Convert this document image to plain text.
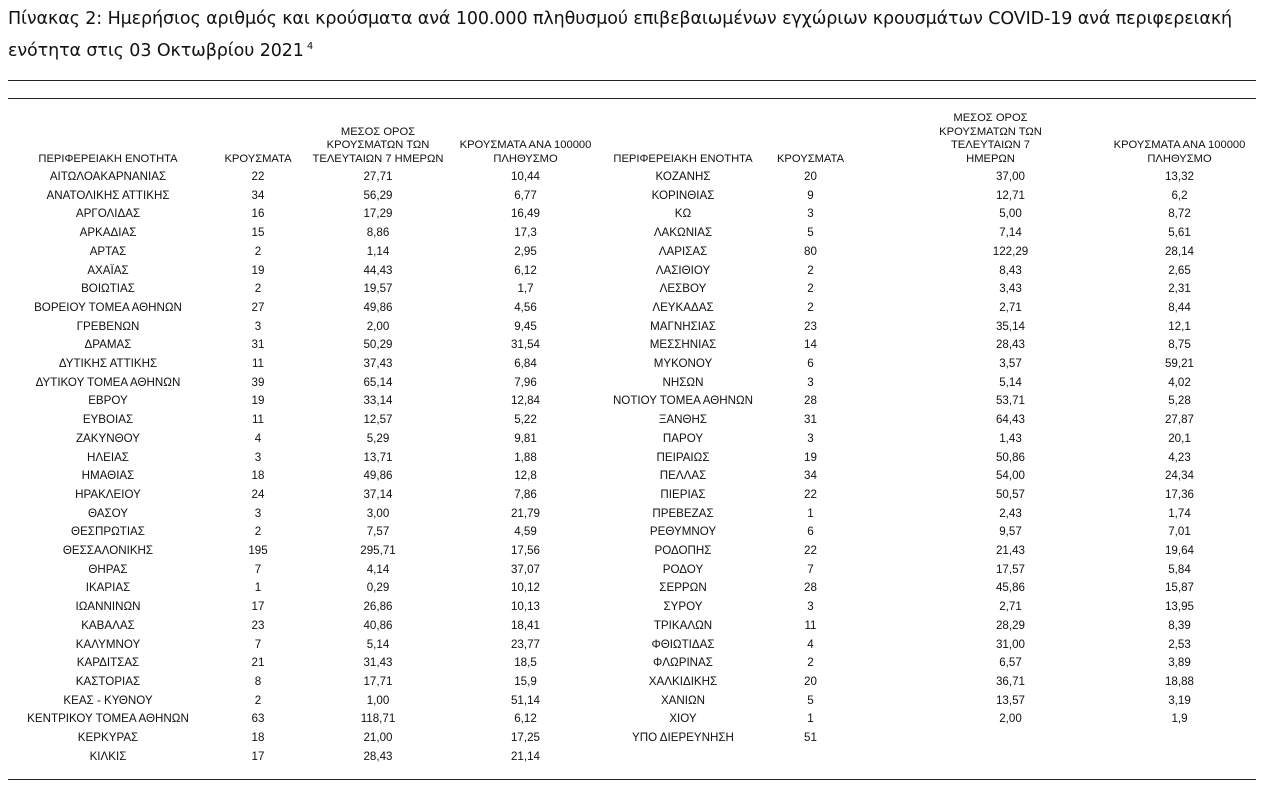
Πίνακας 2: Ημερήσιος αριθμός και κρούσματα ανά 100.000 πληθυσμού επιβεβαιωμένων εγχώριων κρουσμάτων COVID-19 ανά περιφερειακή ενότητα στις 03 Οκτωβρίου 2021 $^4$
ΠΕΡΙΦΕΡΕΙΑΚΗ ΕΝΟΤΗΤΑ	ΚΡΟΥΣΜΑΤΑ	ΜΕΣΟΣ ΟΡΟΣ ΚΡΟΥΣΜΑΤΩΝ ΤΩΝ ΤΕΛΕΥΤΑΙΩΝ 7 ΗΜΕΡΩΝ	ΚΡΟΥΣΜΑΤΑ ΑΝΑ 100000 ΠΛΗΘΥΣΜΟ	ΠΕΡΙΦΕΡΕΙΑΚΗ ΕΝΟΤΗΤΑ	ΚΡΟΥΣΜΑΤΑ	ΜΕΣΟΣ ΟΡΟΣ ΚΡΟΥΣΜΑΤΩΝ ΤΩΝ ΤΕΛΕΥΤΑΙΩΝ 7 ΗΜΕΡΩΝ	ΚΡΟΥΣΜΑΤΑ ΑΝΑ 100000 ΠΛΗΘΥΣΜΟ
ΑΙΤΩΛΟΑΚΑΡΝΑΝΙΑΣ	22	27,71	10,44	ΚΟΖΑΝΗΣ	20	37,00	13,32
ΑΝΑΤΟΛΙΚΗΣ ΑΤΤΙΚΗΣ	34	56,29	6,77	ΚΟΡΙΝΘΙΑΣ	9	12,71	6,2
ΑΡΓΟΛΙΔΑΣ	16	17,29	16,49	ΚΩ	3	5,00	8,72
ΑΡΚΑΔΙΑΣ	15	8,86	17,3	ΛΑΚΩΝΙΑΣ	5	7,14	5,61
ΑΡΤΑΣ	2	1,14	2,95	ΛΑΡΙΣΑΣ	80	122,29	28,14
ΑΧΑΪΑΣ	19	44,43	6,12	ΛΑΣΙΘΙΟΥ	2	8,43	2,65
ΒΟΙΩΤΙΑΣ	2	19,57	1,7	ΛΕΣΒΟΥ	2	3,43	2,31
ΒΟΡΕΙΟΥ ΤΟΜΕΑ ΑΘΗΝΩΝ	27	49,86	4,56	ΛΕΥΚΑΔΑΣ	2	2,71	8,44
ΓΡΕΒΕΝΩΝ	3	2,00	9,45	ΜΑΓΝΗΣΙΑΣ	23	35,14	12,1
ΔΡΑΜΑΣ	31	50,29	31,54	ΜΕΣΣΗΝΙΑΣ	14	28,43	8,75
ΔΥΤΙΚΗΣ ΑΤΤΙΚΗΣ	11	37,43	6,84	ΜΥΚΟΝΟΥ	6	3,57	59,21
ΔΥΤΙΚΟΥ ΤΟΜΕΑ ΑΘΗΝΩΝ	39	65,14	7,96	ΝΗΣΩΝ	3	5,14	4,02
ΕΒΡΟΥ	19	33,14	12,84	ΝΟΤΙΟΥ ΤΟΜΕΑ ΑΘΗΝΩΝ	28	53,71	5,28
ΕΥΒΟΙΑΣ	11	12,57	5,22	ΞΑΝΘΗΣ	31	64,43	27,87
ΖΑΚΥΝΘΟΥ	4	5,29	9,81	ΠΑΡΟΥ	3	1,43	20,1
ΗΛΕΙΑΣ	3	13,71	1,88	ΠΕΙΡΑΙΩΣ	19	50,86	4,23
ΗΜΑΘΙΑΣ	18	49,86	12,8	ΠΕΛΛΑΣ	34	54,00	24,34
ΗΡΑΚΛΕΙΟΥ	24	37,14	7,86	ΠΙΕΡΙΑΣ	22	50,57	17,36
ΘΑΣΟΥ	3	3,00	21,79	ΠΡΕΒΕΖΑΣ	1	2,43	1,74
ΘΕΣΠΡΩΤΙΑΣ	2	7,57	4,59	ΡΕΘΥΜΝΟΥ	6	9,57	7,01
ΘΕΣΣΑΛΟΝΙΚΗΣ	195	295,71	17,56	ΡΟΔΟΠΗΣ	22	21,43	19,64
ΘΗΡΑΣ	7	4,14	37,07	ΡΟΔΟΥ	7	17,57	5,84
ΙΚΑΡΙΑΣ	1	0,29	10,12	ΣΕΡΡΩΝ	28	45,86	15,87
ΙΩΑΝΝΙΝΩΝ	17	26,86	10,13	ΣΥΡΟΥ	3	2,71	13,95
ΚΑΒΑΛΑΣ	23	40,86	18,41	ΤΡΙΚΑΛΩΝ	11	28,29	8,39
ΚΑΛΥΜΝΟΥ	7	5,14	23,77	ΦΘΙΩΤΙΔΑΣ	4	31,00	2,53
ΚΑΡΔΙΤΣΑΣ	21	31,43	18,5	ΦΛΩΡΙΝΑΣ	2	6,57	3,89
ΚΑΣΤΟΡΙΑΣ	8	17,71	15,9	ΧΑΛΚΙΔΙΚΗΣ	20	36,71	18,88
ΚΕΑΣ - ΚΥΘΝΟΥ	2	1,00	51,14	ΧΑΝΙΩΝ	5	13,57	3,19
ΚΕΝΤΡΙΚΟΥ ΤΟΜΕΑ ΑΘΗΝΩΝ	63	118,71	6,12	ΧΙΟΥ	1	2,00	1,9
ΚΕΡΚΥΡΑΣ	18	21,00	17,25	ΥΠΟ ΔΙΕΡΕΥΝΗΣΗ	51		
ΚΙΛΚΙΣ	17	28,43	21,14				
